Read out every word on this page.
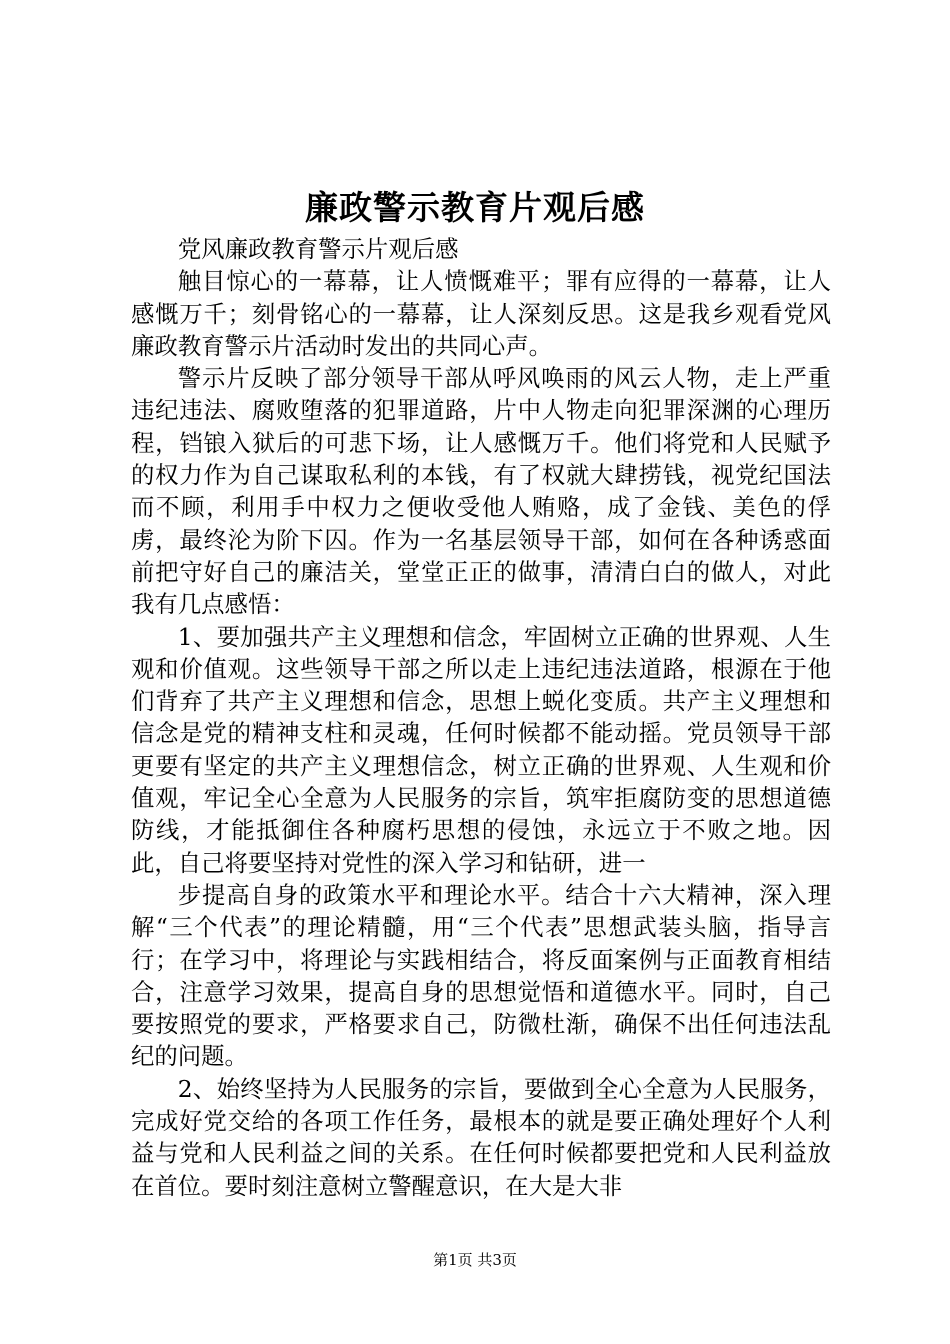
廉政警示教育片观后感

党风廉政教育警示片观后感

触目惊心的一幕幕，让人愤慨难平；罪有应得的一幕幕，让人感慨万千；刻骨铭心的一幕幕，让人深刻反思。这是我乡观看党风廉政教育警示片活动时发出的共同心声。

警示片反映了部分领导干部从呼风唤雨的风云人物，走上严重违纪违法、腐败堕落的犯罪道路，片中人物走向犯罪深渊的心理历程，铛锒入狱后的可悲下场，让人感慨万千。他们将党和人民赋予的权力作为自己谋取私利的本钱，有了权就大肆捞钱，视党纪国法而不顾，利用手中权力之便收受他人贿赂，成了金钱、美色的俘虏，最终沦为阶下囚。作为一名基层领导干部，如何在各种诱惑面前把守好自己的廉洁关，堂堂正正的做事，清清白白的做人，对此我有几点感悟：

1、要加强共产主义理想和信念，牢固树立正确的世界观、人生观和价值观。这些领导干部之所以走上违纪违法道路，根源在于他们背弃了共产主义理想和信念，思想上蜕化变质。共产主义理想和信念是党的精神支柱和灵魂，任何时候都不能动摇。党员领导干部更要有坚定的共产主义理想信念，树立正确的世界观、人生观和价值观，牢记全心全意为人民服务的宗旨，筑牢拒腐防变的思想道德防线，才能抵御住各种腐朽思想的侵蚀，永远立于不败之地。因此，自己将要坚持对党性的深入学习和钻研，进一

步提高自身的政策水平和理论水平。结合十六大精神，深入理解“三个代表”的理论精髓，用“三个代表”思想武装头脑，指导言行；在学习中，将理论与实践相结合，将反面案例与正面教育相结合，注意学习效果，提高自身的思想觉悟和道德水平。同时，自己要按照党的要求，严格要求自己，防微杜渐，确保不出任何违法乱纪的问题。

2、始终坚持为人民服务的宗旨，要做到全心全意为人民服务，完成好党交给的各项工作任务，最根本的就是要正确处理好个人利益与党和人民利益之间的关系。在任何时候都要把党和人民利益放在首位。要时刻注意树立警醒意识，在大是大非

第1页 共3页
